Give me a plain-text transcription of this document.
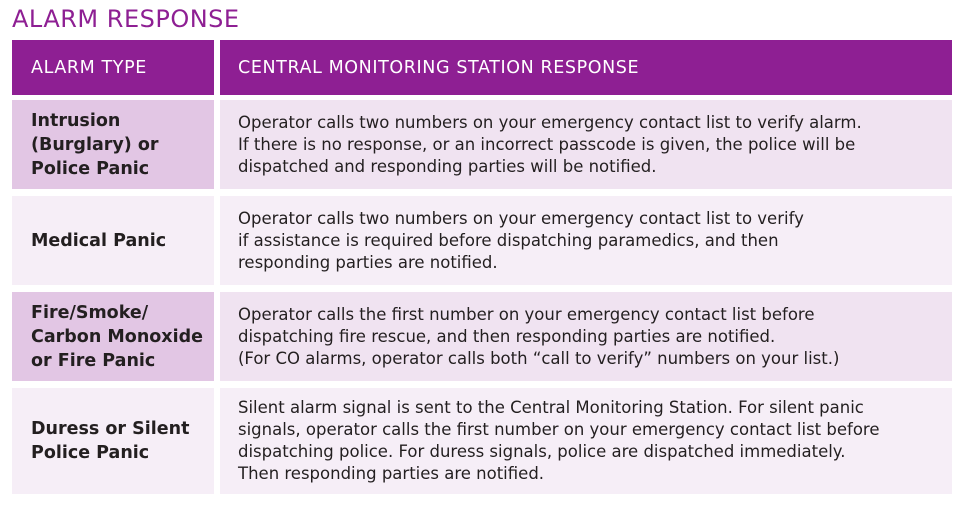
ALARM RESPONSE
ALARM TYPE	CENTRAL MONITORING STATION RESPONSE
Intrusion
(Burglary) or
Police Panic
Operator calls two numbers on your emergency contact list to verify alarm.
If there is no response, or an incorrect passcode is given, the police will be
dispatched and responding parties will be notified.
Medical Panic
Operator calls two numbers on your emergency contact list to verify
if assistance is required before dispatching paramedics, and then
responding parties are notified.
Fire/Smoke/
Carbon Monoxide
or Fire Panic
Operator calls the first number on your emergency contact list before
dispatching fire rescue, and then responding parties are notified.
(For CO alarms, operator calls both “call to verify” numbers on your list.)
Duress or Silent
Police Panic
Silent alarm signal is sent to the Central Monitoring Station. For silent panic
signals, operator calls the first number on your emergency contact list before
dispatching police. For duress signals, police are dispatched immediately.
Then responding parties are notified.
